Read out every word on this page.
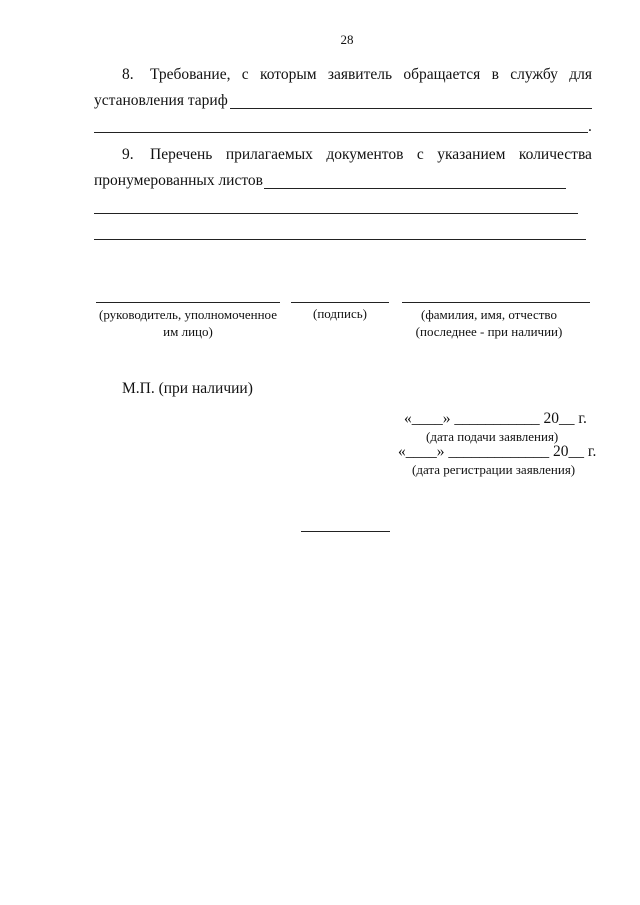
28
8. Требование, с которым заявитель обращается в службу для
установления тариф
.
9. Перечень прилагаемых документов с указанием количества
пронумерованных листов
(руководитель, уполномоченное
им лицо)
(подпись)	(фамилия, имя, отчество
(последнее - при наличии)
М.П. (при наличии)
«____» ___________ 20__ г.
(дата подачи заявления)
«____» _____________ 20__ г.
(дата регистрации заявления)
